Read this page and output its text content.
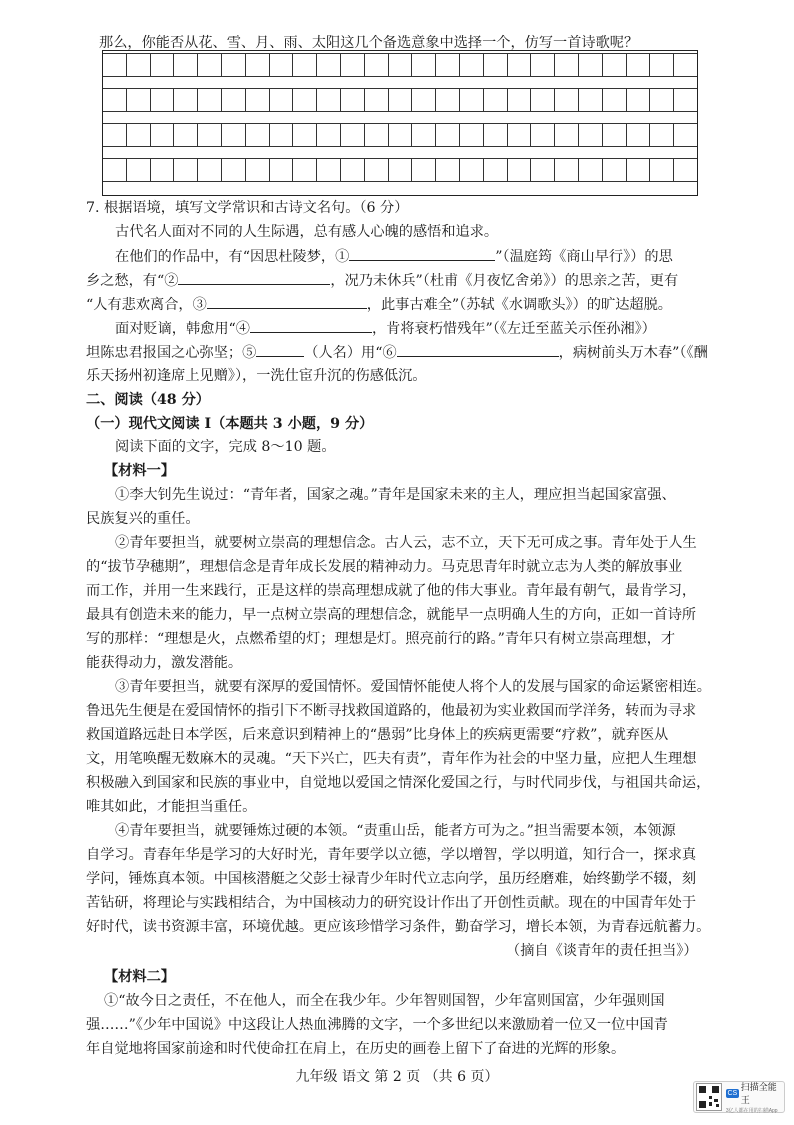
那么，你能否从花、雪、月、雨、太阳这几个备选意象中选择一个，仿写一首诗歌呢？
7. 根据语境，填写文学常识和古诗文名句。（6 分）
古代名人面对不同的人生际遇，总有感人心魄的感悟和追求。
在他们的作品中，有“因思杜陵梦，①	”（温庭筠《商山早行》）的思
乡之愁，有“②	，况乃未休兵”（杜甫《月夜忆舍弟》）的思亲之苦，更有
“人有悲欢离合，③	，此事古难全”（苏轼《水调歌头》）的旷达超脱。
面对贬谪，韩愈用“④	，肯将衰朽惜残年”（《左迁至蓝关示侄孙湘》）
坦陈忠君报国之心弥坚；⑤	（人名）用“⑥	，病树前头万木春”（《酬
乐天扬州初逢席上见赠》），一洗仕宦升沉的伤感低沉。
二、阅读（48 分）
（一）现代文阅读 I（本题共 3 小题，9 分）
阅读下面的文字，完成 8～10 题。
【材料一】
①李大钊先生说过：“青年者，国家之魂。”青年是国家未来的主人，理应担当起国家富强、
民族复兴的重任。
②青年要担当，就要树立崇高的理想信念。古人云，志不立，天下无可成之事。青年处于人生
的“拔节孕穗期”，理想信念是青年成长发展的精神动力。马克思青年时就立志为人类的解放事业
而工作，并用一生来践行，正是这样的崇高理想成就了他的伟大事业。青年最有朝气，最肯学习，
最具有创造未来的能力，早一点树立崇高的理想信念，就能早一点明确人生的方向，正如一首诗所
写的那样：“理想是火，点燃希望的灯；理想是灯。照亮前行的路。”青年只有树立崇高理想，才
能获得动力，激发潜能。
③青年要担当，就要有深厚的爱国情怀。爱国情怀能使人将个人的发展与国家的命运紧密相连。
鲁迅先生便是在爱国情怀的指引下不断寻找救国道路的，他最初为实业救国而学洋务，转而为寻求
救国道路远赴日本学医，后来意识到精神上的“愚弱”比身体上的疾病更需要“疗救”，就弃医从
文，用笔唤醒无数麻木的灵魂。“天下兴亡，匹夫有责”，青年作为社会的中坚力量，应把人生理想
积极融入到国家和民族的事业中，自觉地以爱国之情深化爱国之行，与时代同步伐，与祖国共命运，
唯其如此，才能担当重任。
④青年要担当，就要锤炼过硬的本领。“责重山岳，能者方可为之。”担当需要本领，本领源
自学习。青春年华是学习的大好时光，青年要学以立德，学以增智，学以明道，知行合一，探求真
学问，锤炼真本领。中国核潜艇之父彭士禄青少年时代立志向学，虽历经磨难，始终勤学不辍，刻
苦钻研，将理论与实践相结合，为中国核动力的研究设计作出了开创性贡献。现在的中国青年处于
好时代，读书资源丰富，环境优越。更应该珍惜学习条件，勤奋学习，增长本领，为青春远航蓄力。
（摘自《谈青年的责任担当》）
【材料二】
①“故今日之责任，不在他人，而全在我少年。少年智则国智，少年富则国富，少年强则国
强……”《少年中国说》中这段让人热血沸腾的文字，一个多世纪以来激励着一位又一位中国青
年自觉地将国家前途和时代使命扛在肩上，在历史的画卷上留下了奋进的光辉的形象。
九年级 语文 第 2 页 （共 6 页）
CS
扫描全能王
3亿人都在用的扫描App
